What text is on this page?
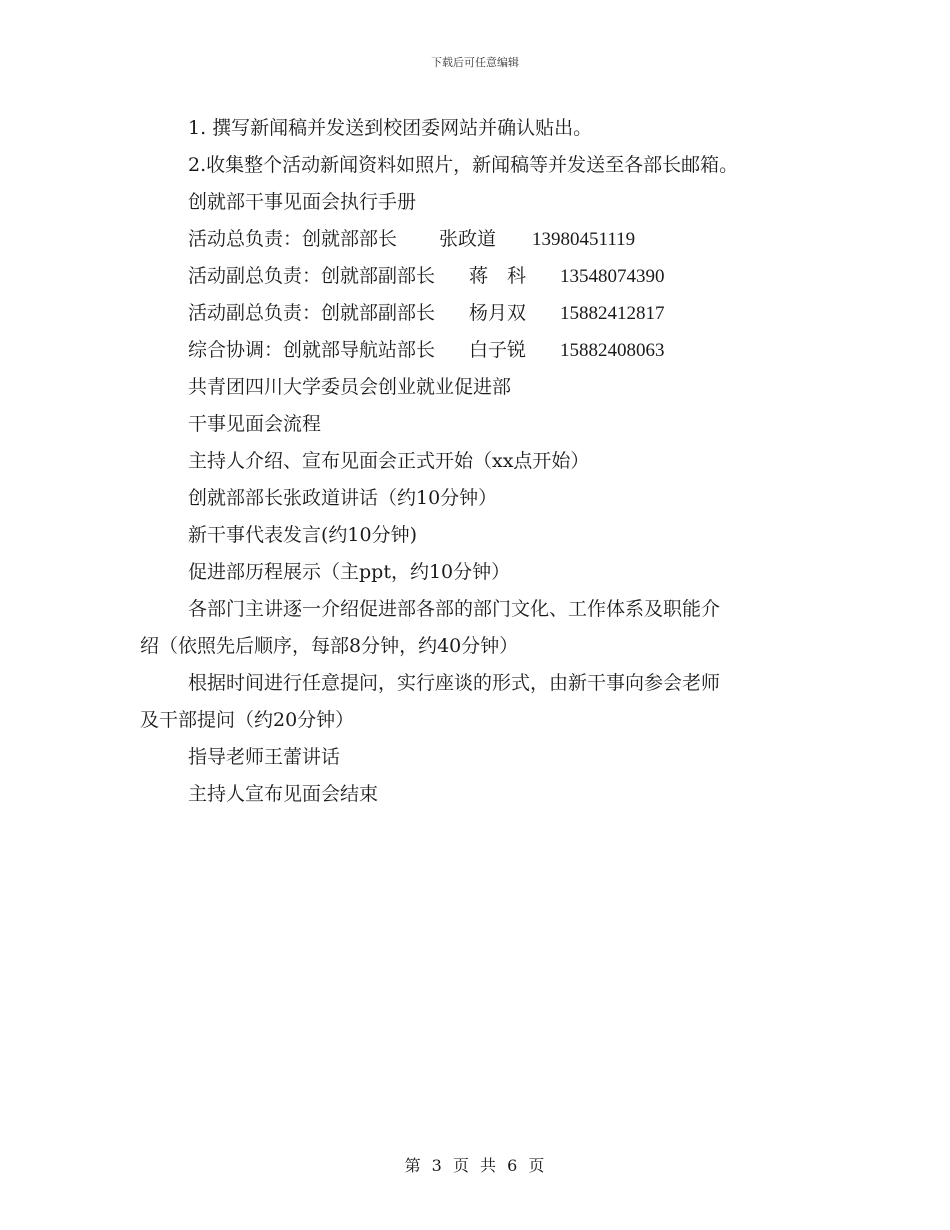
下载后可任意编辑
1. 撰写新闻稿并发送到校团委网站并确认贴出。
2.收集整个活动新闻资料如照片，新闻稿等并发送至各部长邮箱。
创就部干事见面会执行手册
活动总负责：创就部部长 张政道 13980451119
活动副总负责：创就部副部长 蒋　科 13548074390
活动副总负责：创就部副部长 杨月双 15882412817
综合协调：创就部导航站部长 白子锐 15882408063
共青团四川大学委员会创业就业促进部
干事见面会流程
主持人介绍、宣布见面会正式开始（xx点开始）
创就部部长张政道讲话（约10分钟）
新干事代表发言(约10分钟)
促进部历程展示（主ppt，约10分钟）
各部门主讲逐一介绍促进部各部的部门文化、工作体系及职能介
绍（依照先后顺序，每部8分钟，约40分钟）
根据时间进行任意提问，实行座谈的形式，由新干事向参会老师
及干部提问（约20分钟）
指导老师王蕾讲话
主持人宣布见面会结束
第 3 页 共 6 页
